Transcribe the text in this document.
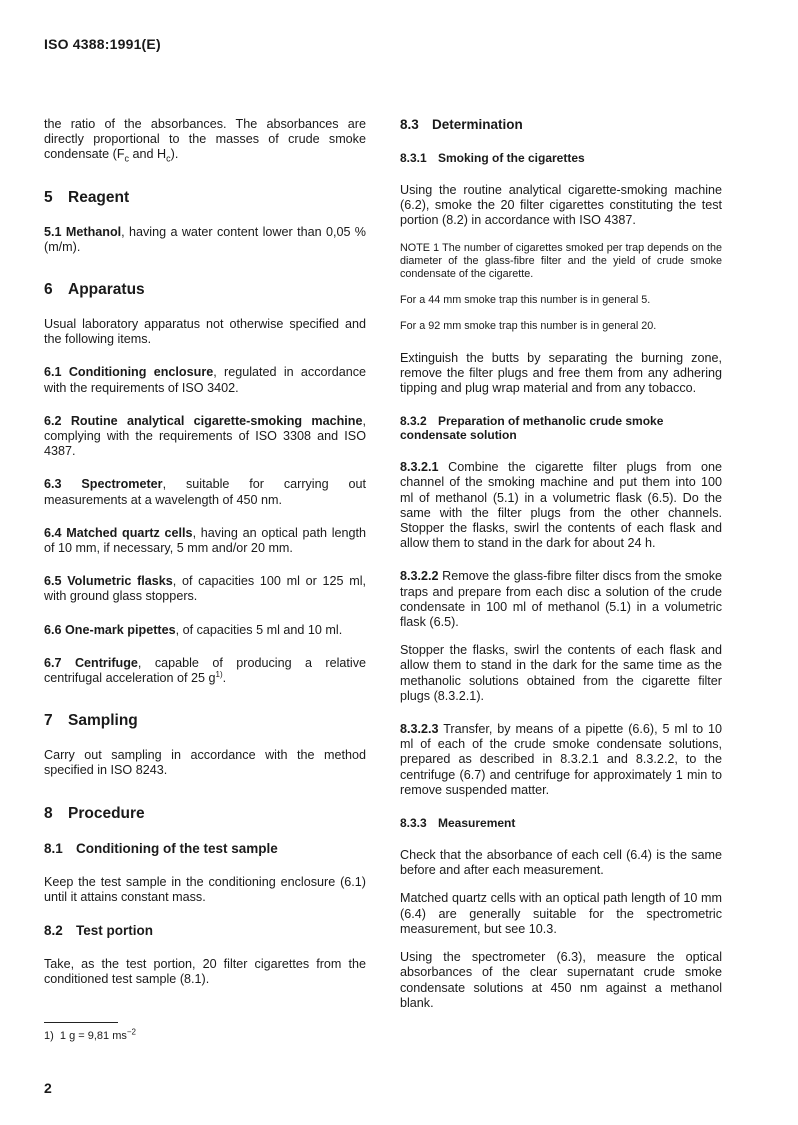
ISO 4388:1991(E)

the ratio of the absorbances. The absorbances are directly proportional to the masses of crude smoke condensate ($F_c$ and $H_c$).

5 Reagent

5.1 Methanol, having a water content lower than 0,05 % (m/m).

6 Apparatus

Usual laboratory apparatus not otherwise specified and the following items.

6.1 Conditioning enclosure, regulated in accordance with the requirements of ISO 3402.

6.2 Routine analytical cigarette-smoking machine, complying with the requirements of ISO 3308 and ISO 4387.

6.3 Spectrometer, suitable for carrying out measurements at a wavelength of 450 nm.

6.4 Matched quartz cells, having an optical path length of 10 mm, if necessary, 5 mm and/or 20 mm.

6.5 Volumetric flasks, of capacities 100 ml or 125 ml, with ground glass stoppers.

6.6 One-mark pipettes, of capacities 5 ml and 10 ml.

6.7 Centrifuge, capable of producing a relative centrifugal acceleration of 25 $g^{1)}$.

7 Sampling

Carry out sampling in accordance with the method specified in ISO 8243.

8 Procedure
8.1 Conditioning of the test sample

Keep the test sample in the conditioning enclosure (6.1) until it attains constant mass.

8.2 Test portion

Take, as the test portion, 20 filter cigarettes from the conditioned test sample (8.1).

8.3 Determination
8.3.1 Smoking of the cigarettes

Using the routine analytical cigarette-smoking machine (6.2), smoke the 20 filter cigarettes constituting the test portion (8.2) in accordance with ISO 4387.

NOTE 1 The number of cigarettes smoked per trap depends on the diameter of the glass-fibre filter and the yield of crude smoke condensate of the cigarette.

For a 44 mm smoke trap this number is in general 5.

For a 92 mm smoke trap this number is in general 20.

Extinguish the butts by separating the burning zone, remove the filter plugs and free them from any adhering tipping and plug wrap material and from any tobacco.

8.3.2 Preparation of methanolic crude smoke condensate solution

8.3.2.1 Combine the cigarette filter plugs from one channel of the smoking machine and put them into 100 ml of methanol (5.1) in a volumetric flask (6.5). Do the same with the filter plugs from the other channels. Stopper the flasks, swirl the contents of each flask and allow them to stand in the dark for about 24 h.

8.3.2.2 Remove the glass-fibre filter discs from the smoke traps and prepare from each disc a solution of the crude condensate in 100 ml of methanol (5.1) in a volumetric flask (6.5).

Stopper the flasks, swirl the contents of each flask and allow them to stand in the dark for the same time as the methanolic solutions obtained from the cigarette filter plugs (8.3.2.1).

8.3.2.3 Transfer, by means of a pipette (6.6), 5 ml to 10 ml of each of the crude smoke condensate solutions, prepared as described in 8.3.2.1 and 8.3.2.2, to the centrifuge (6.7) and centrifuge for approximately 1 min to remove suspended matter.

8.3.3 Measurement

Check that the absorbance of each cell (6.4) is the same before and after each measurement.

Matched quartz cells with an optical path length of 10 mm (6.4) are generally suitable for the spectrometric measurement, but see 10.3.

Using the spectrometer (6.3), measure the optical absorbances of the clear supernatant crude smoke condensate solutions at 450 nm against a methanol blank.

1) 1 g = 9,81 $ms^{-2}$
2
